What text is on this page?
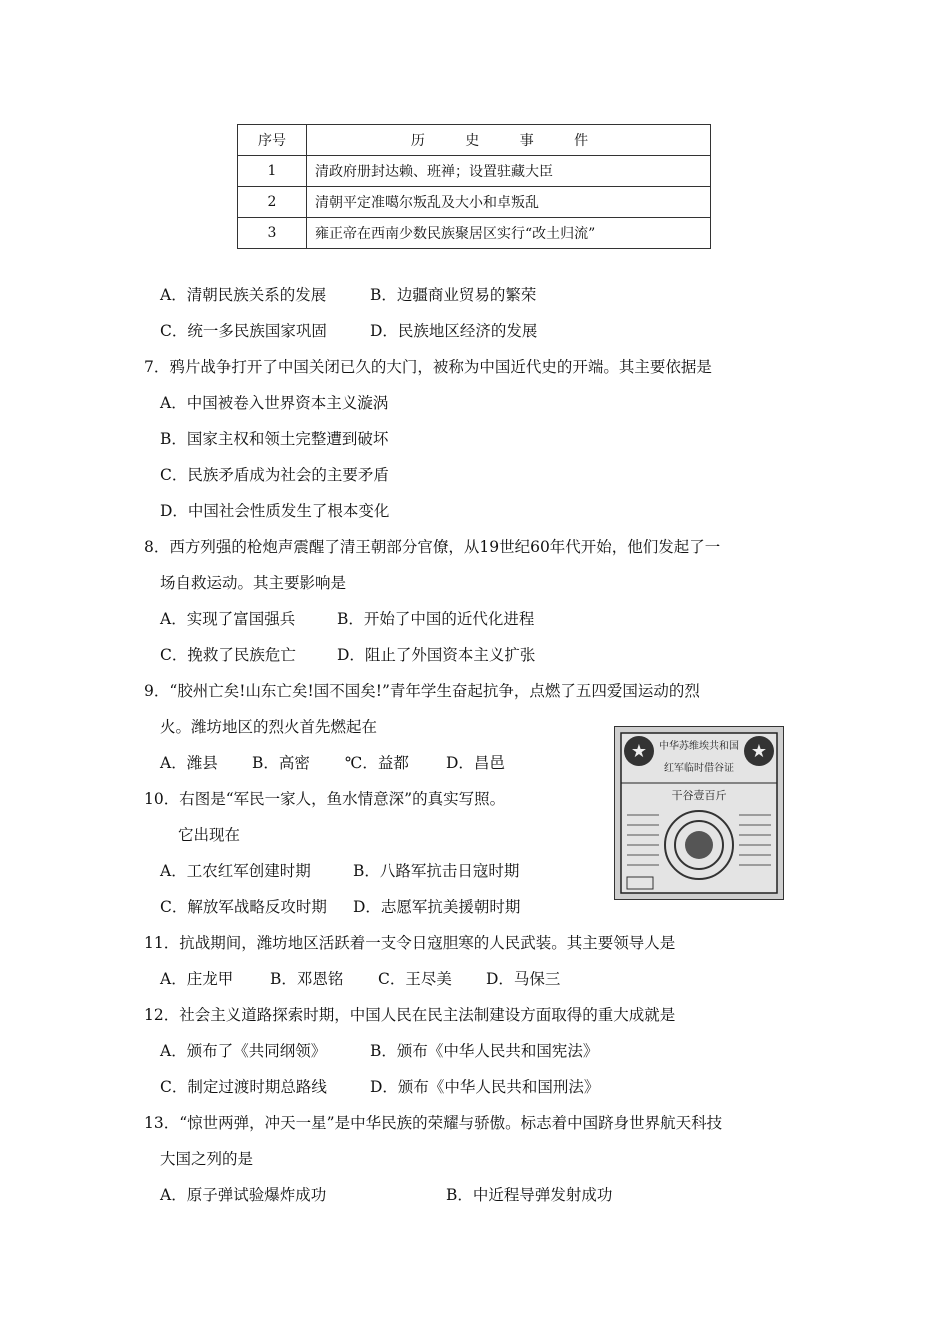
序号	历 史 事 件
1	清政府册封达赖、班禅；设置驻藏大臣
2	清朝平定准噶尔叛乱及大小和卓叛乱
3	雍正帝在西南少数民族聚居区实行“改土归流”
A．清朝民族关系的发展	B．边疆商业贸易的繁荣
C．统一多民族国家巩固	D．民族地区经济的发展
7．鸦片战争打开了中国关闭已久的大门，被称为中国近代史的开端。其主要依据是
A．中国被卷入世界资本主义漩涡
B．国家主权和领土完整遭到破坏
C．民族矛盾成为社会的主要矛盾
D．中国社会性质发生了根本变化
8．西方列强的枪炮声震醒了清王朝部分官僚，从19世纪60年代开始，他们发起了一
场自救运动。其主要影响是
A．实现了富国强兵	B．开始了中国的近代化进程
C．挽救了民族危亡	D．阻止了外国资本主义扩张
9．“胶州亡矣!山东亡矣!国不国矣!”青年学生奋起抗争，点燃了五四爱国运动的烈
火。潍坊地区的烈火首先燃起在
A．潍县 B．高密 ℃．益都 D．昌邑
★	★
中华苏维埃共和国
红军临时借谷证
干谷壹百斤
10．右图是“军民一家人，鱼水情意深”的真实写照。
它出现在
A．工农红军创建时期	B．八路军抗击日寇时期
C．解放军战略反攻时期 D．志愿军抗美援朝时期
11．抗战期间，潍坊地区活跃着一支令日寇胆寒的人民武装。其主要领导人是
A．庄龙甲 B．邓恩铭 C．王尽美 D．马保三
12．社会主义道路探索时期，中国人民在民主法制建设方面取得的重大成就是
A．颁布了《共同纲领》	B．颁布《中华人民共和国宪法》
C．制定过渡时期总路线	D．颁布《中华人民共和国刑法》
13．“惊世两弹，冲天一星”是中华民族的荣耀与骄傲。标志着中国跻身世界航天科技
大国之列的是
A．原子弹试验爆炸成功	B．中近程导弹发射成功
